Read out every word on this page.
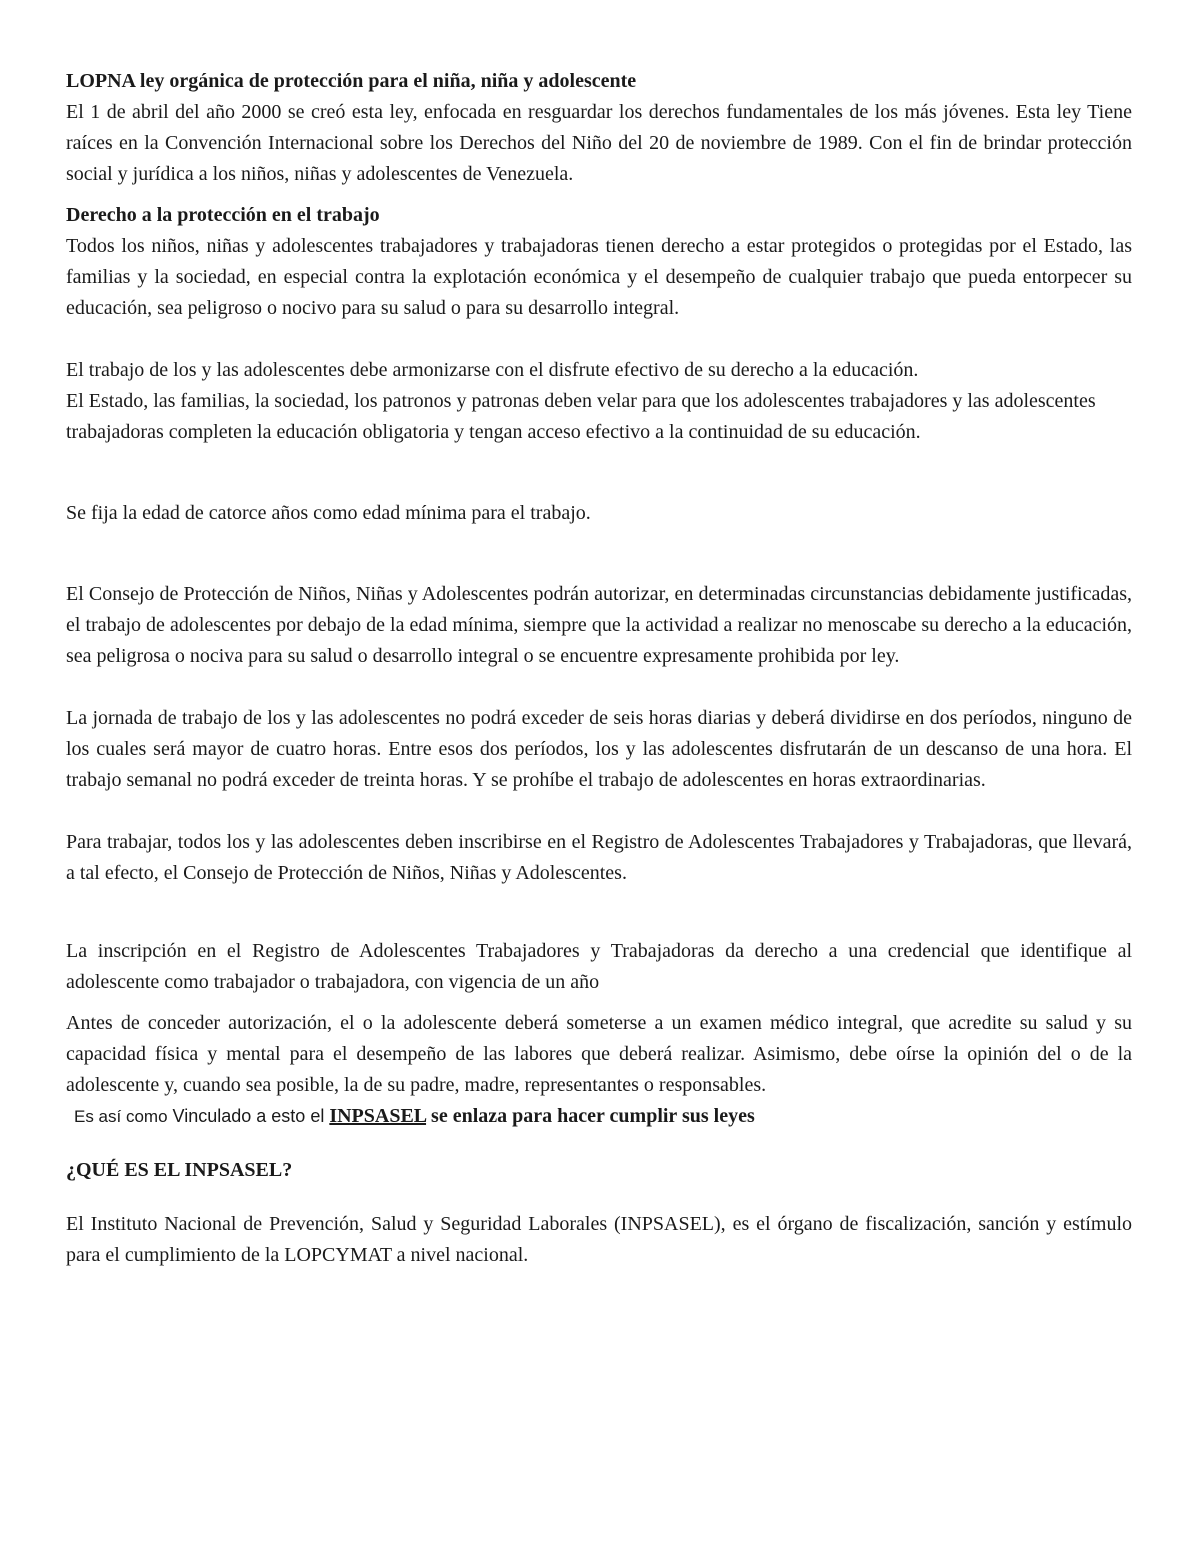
LOPNA ley orgánica de protección para el niña, niña y adolescente

El 1 de abril del año 2000 se creó esta ley, enfocada en resguardar los derechos fundamentales de los más jóvenes. Esta ley Tiene raíces en la Convención Internacional sobre los Derechos del Niño del 20 de noviembre de 1989. Con el fin de brindar protección social y jurídica a los niños, niñas y adolescentes de Venezuela.

Derecho a la protección en el trabajo

Todos los niños, niñas y adolescentes trabajadores y trabajadoras tienen derecho a estar protegidos o protegidas por el Estado, las familias y la sociedad, en especial contra la explotación económica y el desempeño de cualquier trabajo que pueda entorpecer su educación, sea peligroso o nocivo para su salud o para su desarrollo integral.

El trabajo de los y las adolescentes debe armonizarse con el disfrute efectivo de su derecho a la educación.

El Estado, las familias, la sociedad, los patronos y patronas deben velar para que los adolescentes trabajadores y las adolescentes trabajadoras completen la educación obligatoria y tengan acceso efectivo a la continuidad de su educación.

Se fija la edad de catorce años como edad mínima para el trabajo.

El Consejo de Protección de Niños, Niñas y Adolescentes podrán autorizar, en determinadas circunstancias debidamente justificadas, el trabajo de adolescentes por debajo de la edad mínima, siempre que la actividad a realizar no menoscabe su derecho a la educación, sea peligrosa o nociva para su salud o desarrollo integral o se encuentre expresamente prohibida por ley.

La jornada de trabajo de los y las adolescentes no podrá exceder de seis horas diarias y deberá dividirse en dos períodos, ninguno de los cuales será mayor de cuatro horas. Entre esos dos períodos, los y las adolescentes disfrutarán de un descanso de una hora. El trabajo semanal no podrá exceder de treinta horas. Y se prohíbe el trabajo de adolescentes en horas extraordinarias.

Para trabajar, todos los y las adolescentes deben inscribirse en el Registro de Adolescentes Trabajadores y Trabajadoras, que llevará, a tal efecto, el Consejo de Protección de Niños, Niñas y Adolescentes.

La inscripción en el Registro de Adolescentes Trabajadores y Trabajadoras da derecho a una credencial que identifique al adolescente como trabajador o trabajadora, con vigencia de un año

Antes de conceder autorización, el o la adolescente deberá someterse a un examen médico integral, que acredite su salud y su capacidad física y mental para el desempeño de las labores que deberá realizar. Asimismo, debe oírse la opinión del o de la adolescente y, cuando sea posible, la de su padre, madre, representantes o responsables.

Es así como Vinculado a esto el INPSASEL se enlaza para hacer cumplir sus leyes

¿QUÉ ES EL INPSASEL?

El Instituto Nacional de Prevención, Salud y Seguridad Laborales (INPSASEL), es el órgano de fiscalización, sanción y estímulo para el cumplimiento de la LOPCYMAT a nivel nacional.
